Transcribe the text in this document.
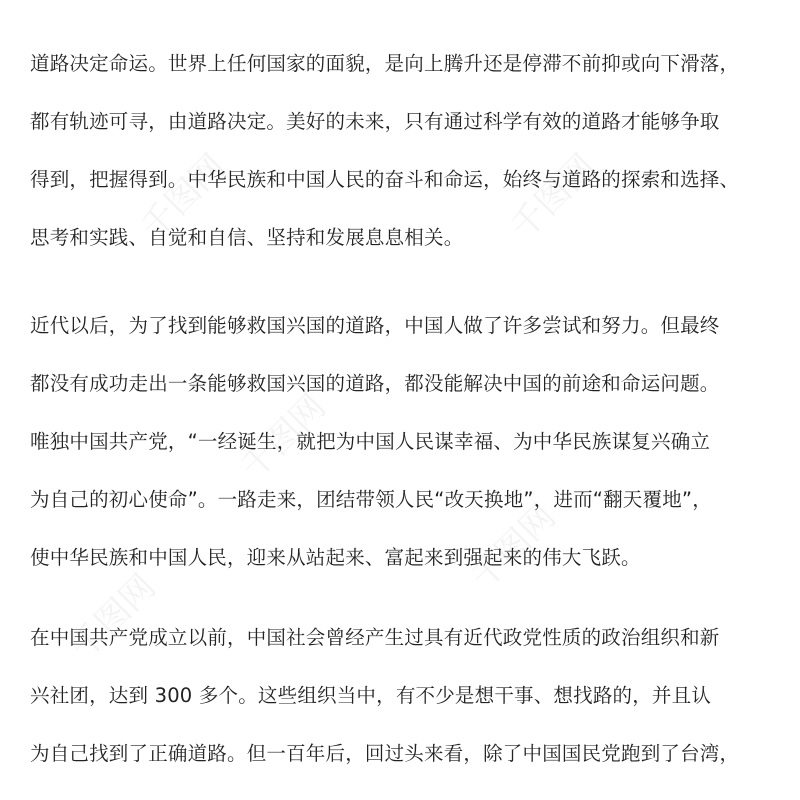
千图网	千图网
千图网
千图网
千图网

道路决定命运。世界上任何国家的面貌，是向上腾升还是停滞不前抑或向下滑落，
都有轨迹可寻，由道路决定。美好的未来，只有通过科学有效的道路才能够争取
得到，把握得到。中华民族和中国人民的奋斗和命运，始终与道路的探索和选择、
思考和实践、自觉和自信、坚持和发展息息相关。

近代以后，为了找到能够救国兴国的道路，中国人做了许多尝试和努力。但最终
都没有成功走出一条能够救国兴国的道路，都没能解决中国的前途和命运问题。
唯独中国共产党，“一经诞生，就把为中国人民谋幸福、为中华民族谋复兴确立
为自己的初心使命”。一路走来，团结带领人民“改天换地”，进而“翻天覆地”，
使中华民族和中国人民，迎来从站起来、富起来到强起来的伟大飞跃。

在中国共产党成立以前，中国社会曾经产生过具有近代政党性质的政治组织和新
兴社团，达到 300 多个。这些组织当中，有不少是想干事、想找路的，并且认
为自己找到了正确道路。但一百年后，回过头来看，除了中国国民党跑到了台湾，
